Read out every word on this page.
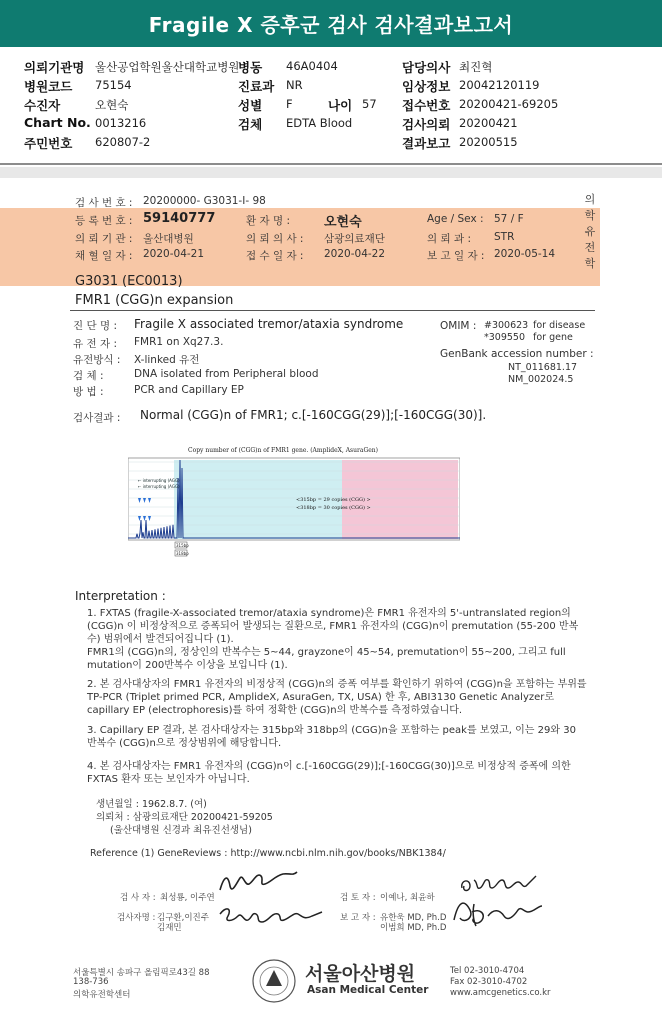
Fragile X 증후군 검사 검사결과보고서
의뢰기관명 울산공업학원울산대학교병원
병동 46A0404	담당의사 최진혁
병원코드 75154	진료과 NR	임상정보 20042120119
수진자	오현숙	성별 F	나이 57 접수번호 20200421-69205
Chart No. 0013216	검체 EDTA Blood	검사의뢰 20200421
주민번호 620807-2	결과보고 20200515
검 사 번 호 : 20200000- G3031-I- 98
등 록 번 호 : 59140777	환 자 명 :	오현숙	Age / Sex : 57 / F
의 뢰 기 관 : 울산대병원	의 뢰 의 사 : 삼광의료재단	의 뢰 과 : STR
채 혈 일 자 : 2020-04-21	접 수 일 자 : 2020-04-22	보 고 일 자 : 2020-05-14
의
학
유
전
학
G3031 (EC0013)
FMR1 (CGG)n expansion
진 단 명 : Fragile X associated tremor/ataxia syndrome
유 전 자 : FMR1 on Xq27.3.
유전방식 : X-linked 유전
검 체 :	DNA isolated from Peripheral blood
방 법 :	PCR and Capillary EP
OMIM : #300623 for disease
*309550 for gene
GenBank accession number :
NT_011681.17
NM_002024.5
검사결과 : Normal (CGG)n of FMR1; c.[-160CGG(29)];[-160CGG(30)].
Copy number of (CGG)n of FMR1 gene. (AmplideX, AsuraGen)
← interrupting (AGG)
← interrupting (AGG)
<315bp = 29 copies (CGG) >
<318bp = 30 copies (CGG) >
315bp
318bp
Interpretation :
1. FXTAS (fragile-X-associated tremor/ataxia syndrome)은 FMR1 유전자의 5'-untranslated region의 (CGG)n 이 비정상적으로 증폭되어 발생되는 질환으로, FMR1 유전자의 (CGG)n이 premutation (55-200 반복수) 범위에서 발견되어집니다 (1).
FMR1의 (CGG)n의, 정상인의 반복수는 5~44, grayzone이 45~54, premutation이 55~200, 그리고 full mutation이 200반복수 이상을 보입니다 (1).
2. 본 검사대상자의 FMR1 유전자의 비정상적 (CGG)n의 증폭 여부를 확인하기 위하여 (CGG)n을 포함하는 부위를 TP-PCR (Triplet primed PCR, AmplideX, AsuraGen, TX, USA) 한 후, ABI3130 Genetic Analyzer로 capillary EP (electrophoresis)를 하여 정확한 (CGG)n의 반복수를 측정하였습니다.
3. Capillary EP 결과, 본 검사대상자는 315bp와 318bp의 (CGG)n을 포함하는 peak를 보였고, 이는 29와 30 반복수 (CGG)n으로 정상범위에 해당합니다.
4. 본 검사대상자는 FMR1 유전자의 (CGG)n이 c.[-160CGG(29)];[-160CGG(30)]으로 비정상적 증폭에 의한 FXTAS 환자 또는 보인자가 아닙니다.
생년월일 : 1962.8.7. (여)
의뢰처 : 삼광의료재단 20200421-59205
(울산대병원 신경과 최유진선생님)
Reference (1) GeneReviews : http://www.ncbi.nlm.nih.gov/books/NBK1384/
검 사 자 : 최성룡, 이주연	검 토 자 : 이예나, 최윤하
검사자명 : 김구환,이진주
김재민
보 고 자 : 유한욱 MD, Ph.D
이범희 MD, Ph.D
서울특별시 송파구 올림픽로43길 88
138-736
의학유전학센터
서울아산병원
Asan Medical Center
Tel 02-3010-4704
Fax 02-3010-4702
www.amcgenetics.co.kr
